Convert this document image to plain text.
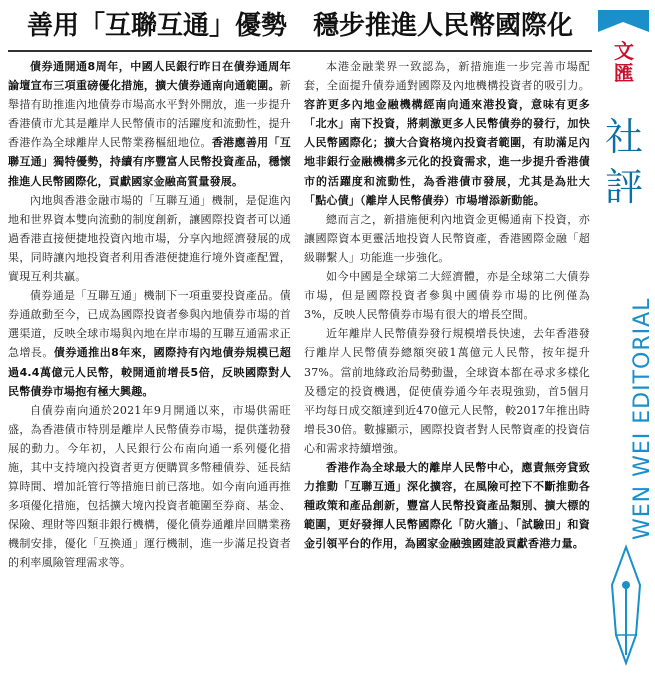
善用「互聯互通」優勢　穩步推進人民幣國際化

債券通開通8周年，中國人民銀行昨日在債券通周年論壇宣布三項重磅優化措施，擴大債券通南向通範圍。新舉措有助推進內地債券市場高水平對外開放，進一步提升香港債市尤其是離岸人民幣債市的活躍度和流動性，提升香港作為全球離岸人民幣業務樞紐地位。香港應善用「互聯互通」獨特優勢，持續有序豐富人民幣投資產品，穩懷推進人民幣國際化，貢獻國家金融高質量發展。

內地與香港金融市場的「互聯互通」機制，是促進內地和世界資本雙向流動的制度創新，讓國際投資者可以通過香港直接便捷地投資內地市場，分享內地經濟發展的成果，同時讓內地投資者利用香港便捷進行境外資產配置，實現互利共贏。

債券通是「互聯互通」機制下一項重要投資產品。債券通啟動至今，已成為國際投資者參與內地債券市場的首選渠道，反映全球市場與內地在岸市場的互聯互通需求正急增長。債券通推出8年來，國際持有內地債券規模已超過4.4萬億元人民幣，較開通前增長5倍，反映國際對人民幣債券市場抱有極大興趣。

自債券南向通於2021年9月開通以來，市場供需旺盛，為香港債市特別是離岸人民幣債券市場，提供蓬勃發展的動力。今年初，人民銀行公布南向通一系列優化措施，其中支持境內投資者更方便購買多幣種債券、延長結算時間、增加託管行等措施日前已落地。如今南向通再推多項優化措施，包括擴大境內投資者範圍至券商、基金、保險、理財等四類非銀行機構，優化債券通離岸回購業務機制安排，優化「互換通」運行機制，進一步滿足投資者的利率風險管理需求等。

本港金融業界一致認為，新措施進一步完善市場配套，全面提升債券通對國際及內地機構投資者的吸引力。容許更多內地金融機構經南向通來港投資，意味有更多「北水」南下投資，將刺激更多人民幣債券的發行，加快人民幣國際化；擴大合資格境內投資者範圍，有助滿足內地非銀行金融機構多元化的投資需求，進一步提升香港債市的活躍度和流動性，為香港債市發展，尤其是為壯大「點心債」（離岸人民幣債券）市場增添新動能。

總而言之，新措施便利內地資金更暢通南下投資，亦讓國際資本更靈活地投資人民幣資產，香港國際金融「超級聯繫人」功能進一步強化。

如今中國是全球第二大經濟體，亦是全球第二大債券市場，但是國際投資者參與中國債券市場的比例僅為3%，反映人民幣債券市場有很大的增長空間。

近年離岸人民幣債券發行規模增長快速，去年香港發行離岸人民幣債券總額突破1萬億元人民幣，按年提升37%。當前地緣政治局勢動盪，全球資本都在尋求多樣化及穩定的投資機遇，促使債券通今年表現強勁，首5個月平均每日成交額達到近470億元人民幣，較2017年推出時增長30倍。數據顯示，國際投資者對人民幣資產的投資信心和需求持續增強。

香港作為全球最大的離岸人民幣中心，應責無旁貸致力推動「互聯互通」深化擴容，在風險可控下不斷推動各種政策和產品創新，豐富人民幣投資產品類別、擴大標的範圍，更好發揮人民幣國際化「防火牆」、「試驗田」和資金引領平台的作用，為國家金融強國建設貢獻香港力量。

文
匯
社
評
WEN WEI EDITORIAL
